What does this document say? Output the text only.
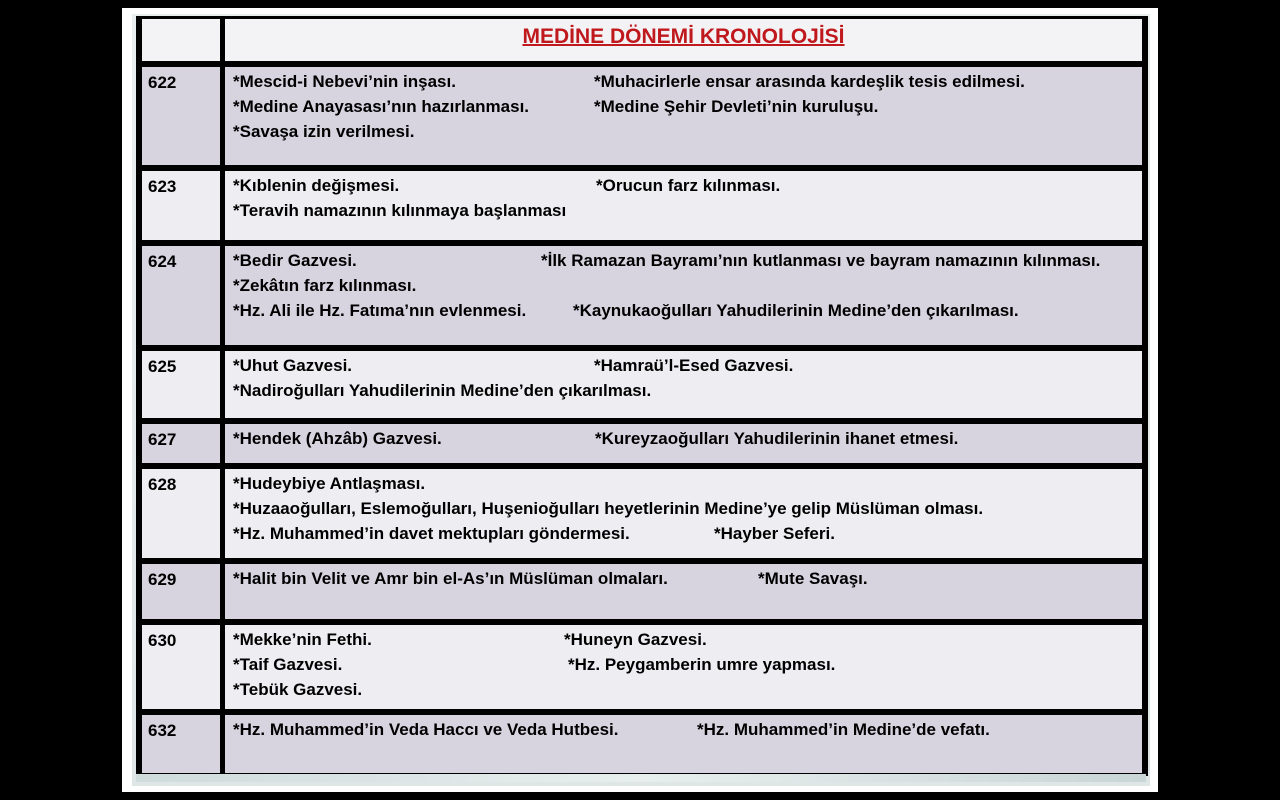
MEDİNE DÖNEMİ KRONOLOJİSİ
622	*Mescid-i Nebevi’nin inşası.	*Muhacirlerle ensar arasında kardeşlik tesis edilmesi.
*Medine Anayasası’nın hazırlanması.	*Medine Şehir Devleti’nin kuruluşu.
*Savaşa izin verilmesi.
623	*Kıblenin değişmesi.	*Orucun farz kılınması.
*Teravih namazının kılınmaya başlanması
624	*Bedir Gazvesi.	*İlk Ramazan Bayramı’nın kutlanması ve bayram namazının kılınması.
*Zekâtın farz kılınması.
*Hz. Ali ile Hz. Fatıma’nın evlenmesi.	*Kaynukaoğulları Yahudilerinin Medine’den çıkarılması.
625	*Uhut Gazvesi.	*Hamraü’l-Esed Gazvesi.
*Nadiroğulları Yahudilerinin Medine’den çıkarılması.
627	*Hendek (Ahzâb) Gazvesi.	*Kureyzaoğulları Yahudilerinin ihanet etmesi.
628	*Hudeybiye Antlaşması.
*Huzaaoğulları, Eslemoğulları, Huşenioğulları heyetlerinin Medine’ye gelip Müslüman olması.
*Hz. Muhammed’in davet mektupları göndermesi.	*Hayber Seferi.
629	*Halit bin Velit ve Amr bin el-As’ın Müslüman olmaları.	*Mute Savaşı.
630	*Mekke’nin Fethi.	*Huneyn Gazvesi.
*Taif Gazvesi.	*Hz. Peygamberin umre yapması.
*Tebük Gazvesi.
632	*Hz. Muhammed’in Veda Haccı ve Veda Hutbesi.	*Hz. Muhammed’in Medine’de vefatı.
